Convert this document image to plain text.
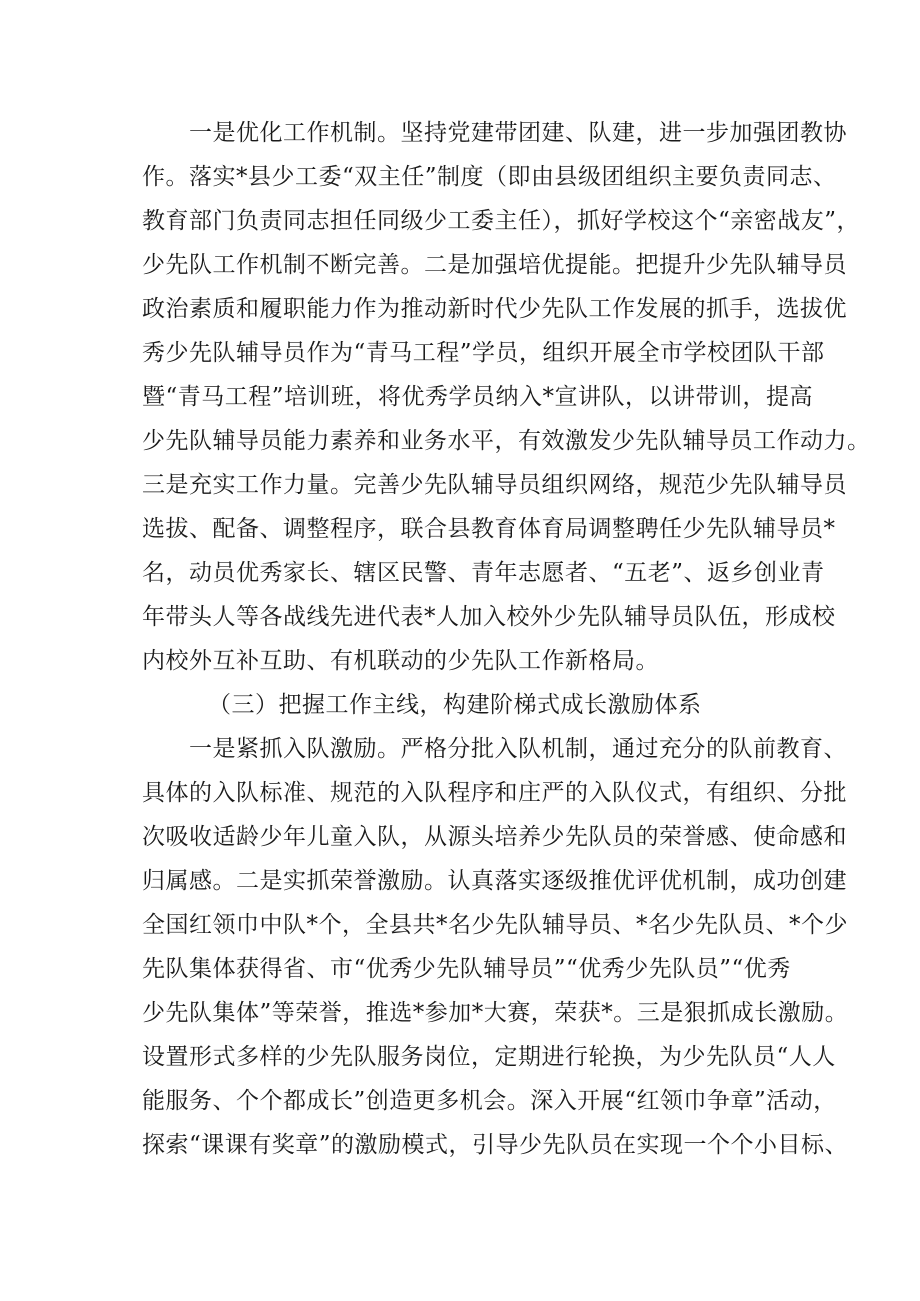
一是优化工作机制。坚持党建带团建、队建，进一步加强团教协
作。落实*县少工委“双主任”制度（即由县级团组织主要负责同志、
教育部门负责同志担任同级少工委主任），抓好学校这个“亲密战友”，
少先队工作机制不断完善。二是加强培优提能。把提升少先队辅导员
政治素质和履职能力作为推动新时代少先队工作发展的抓手，选拔优
秀少先队辅导员作为“青马工程”学员，组织开展全市学校团队干部
暨“青马工程”培训班，将优秀学员纳入*宣讲队，以讲带训，提高
少先队辅导员能力素养和业务水平，有效激发少先队辅导员工作动力。
三是充实工作力量。完善少先队辅导员组织网络，规范少先队辅导员
选拔、配备、调整程序，联合县教育体育局调整聘任少先队辅导员*
名，动员优秀家长、辖区民警、青年志愿者、“五老”、返乡创业青
年带头人等各战线先进代表*人加入校外少先队辅导员队伍，形成校
内校外互补互助、有机联动的少先队工作新格局。
（三）把握工作主线，构建阶梯式成长激励体系
一是紧抓入队激励。严格分批入队机制，通过充分的队前教育、
具体的入队标准、规范的入队程序和庄严的入队仪式，有组织、分批
次吸收适龄少年儿童入队，从源头培养少先队员的荣誉感、使命感和
归属感。二是实抓荣誉激励。认真落实逐级推优评优机制，成功创建
全国红领巾中队*个，全县共*名少先队辅导员、*名少先队员、*个少
先队集体获得省、市“优秀少先队辅导员”“优秀少先队员”“优秀
少先队集体”等荣誉，推选*参加*大赛，荣获*。三是狠抓成长激励。
设置形式多样的少先队服务岗位，定期进行轮换，为少先队员“人人
能服务、个个都成长”创造更多机会。深入开展“红领巾争章”活动，
探索“课课有奖章”的激励模式，引导少先队员在实现一个个小目标、
